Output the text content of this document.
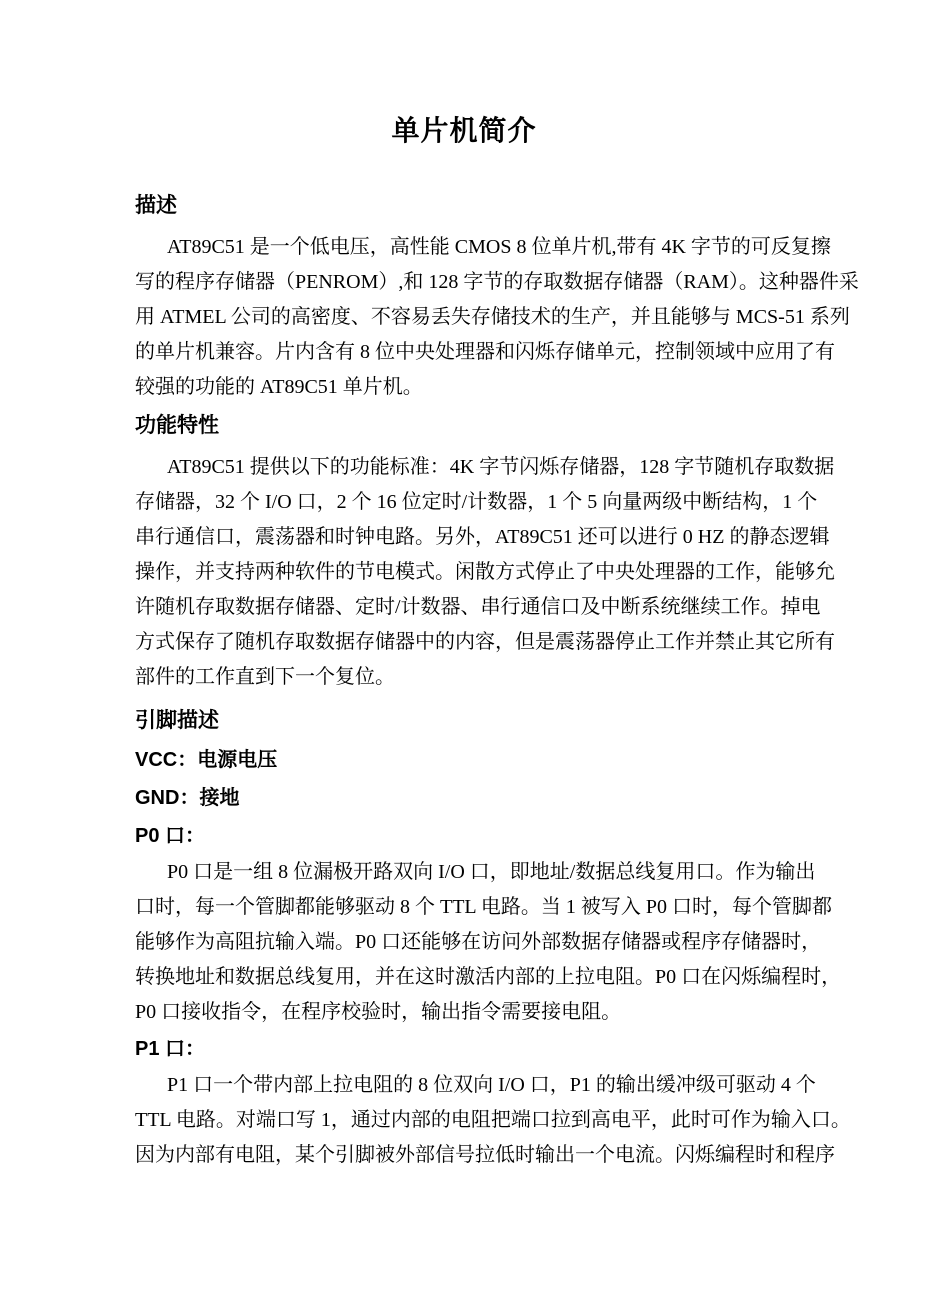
单片机简介
描述
AT89C51 是一个低电压，高性能 CMOS 8 位单片机,带有 4K 字节的可反复擦
写的程序存储器（PENROM）,和 128 字节的存取数据存储器（RAM）。这种器件采
用 ATMEL 公司的高密度、不容易丢失存储技术的生产，并且能够与 MCS-51 系列
的单片机兼容。片内含有 8 位中央处理器和闪烁存储单元，控制领域中应用了有
较强的功能的 AT89C51 单片机。
功能特性
AT89C51 提供以下的功能标准：4K 字节闪烁存储器，128 字节随机存取数据
存储器，32 个 I/O 口，2 个 16 位定时/计数器，1 个 5 向量两级中断结构，1 个
串行通信口，震荡器和时钟电路。另外，AT89C51 还可以进行 0 HZ 的静态逻辑
操作，并支持两种软件的节电模式。闲散方式停止了中央处理器的工作，能够允
许随机存取数据存储器、定时/计数器、串行通信口及中断系统继续工作。掉电
方式保存了随机存取数据存储器中的内容，但是震荡器停止工作并禁止其它所有
部件的工作直到下一个复位。
引脚描述
VCC：电源电压
GND：接地
P0 口：
P0 口是一组 8 位漏极开路双向 I/O 口，即地址/数据总线复用口。作为输出
口时，每一个管脚都能够驱动 8 个 TTL 电路。当 1 被写入 P0 口时，每个管脚都
能够作为高阻抗输入端。P0 口还能够在访问外部数据存储器或程序存储器时，
转换地址和数据总线复用，并在这时激活内部的上拉电阻。P0 口在闪烁编程时，
P0 口接收指令，在程序校验时，输出指令需要接电阻。
P1 口：
P1 口一个带内部上拉电阻的 8 位双向 I/O 口，P1 的输出缓冲级可驱动 4 个
TTL 电路。对端口写 1，通过内部的电阻把端口拉到高电平，此时可作为输入口。
因为内部有电阻，某个引脚被外部信号拉低时输出一个电流。闪烁编程时和程序
